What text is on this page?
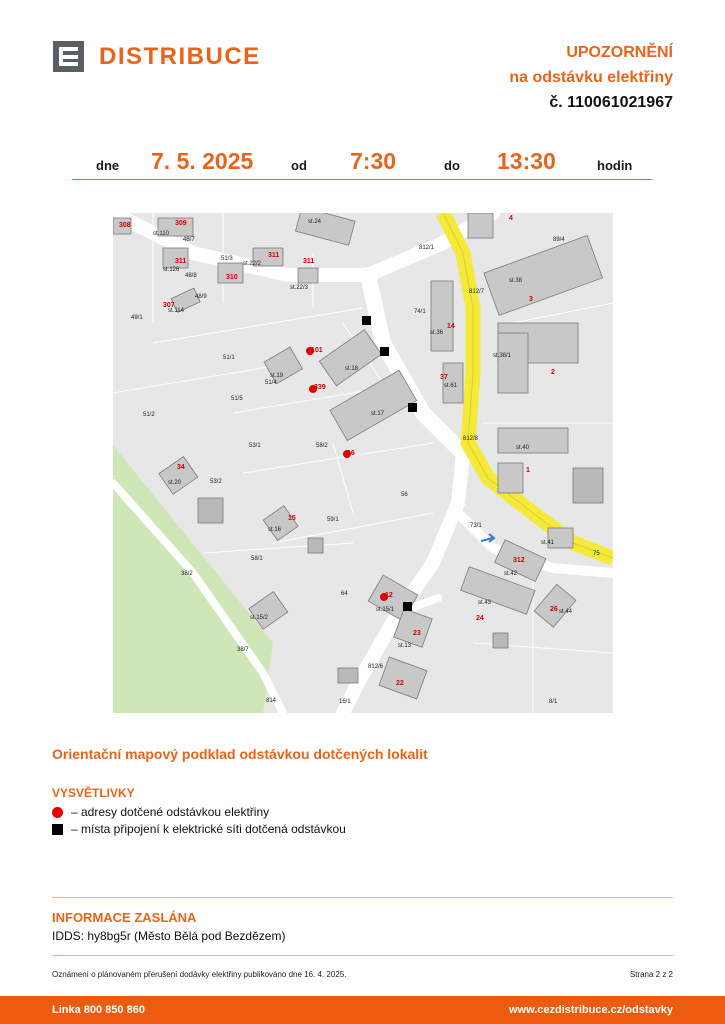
DISTRIBUCE	UPOZORNĚNÍ
na odstávku elektřiny
č. 110061021967
dne 7. 5. 2025	od 7:30	do 13:30	hodin
308	309
311
310
311
311
307
101
339
16
15
34
12
312
37
14
23
22
1
2
3
4
26
24
st.24
812/1
89/4
st.110
48/7
51/3
st.22/2
st.126
48/8
st.22/3
48/9
st.114
49/1
74/1
st.36
812/7
st.38
st.38/1
51/1
st.19
51/4
st.18
51/5
st.61
51/2	st.17
53/1	58/2
812/8
st.40
53/2
st.20
56
59/1
st.16
73/1
st.41
75
58/1
st.42
38/2
64
st.43
st.15/1	st.44
st.15/2
st.13
38/7
812/6
814	16/1	8/1
Orientační mapový podklad odstávkou dotčených lokalit
VYSVĚTLIVKY
– adresy dotčené odstávkou elektřiny
– místa připojení k elektrické síti dotčená odstávkou
INFORMACE ZASLÁNA
IDDS: hy8bg5r (Město Bělá pod Bezdězem)
Oznámení o plánovaném přerušení dodávky elektřiny publikováno dne 16. 4. 2025.	Strana 2 z 2
Linka 800 850 860	www.cezdistribuce.cz/odstavky
